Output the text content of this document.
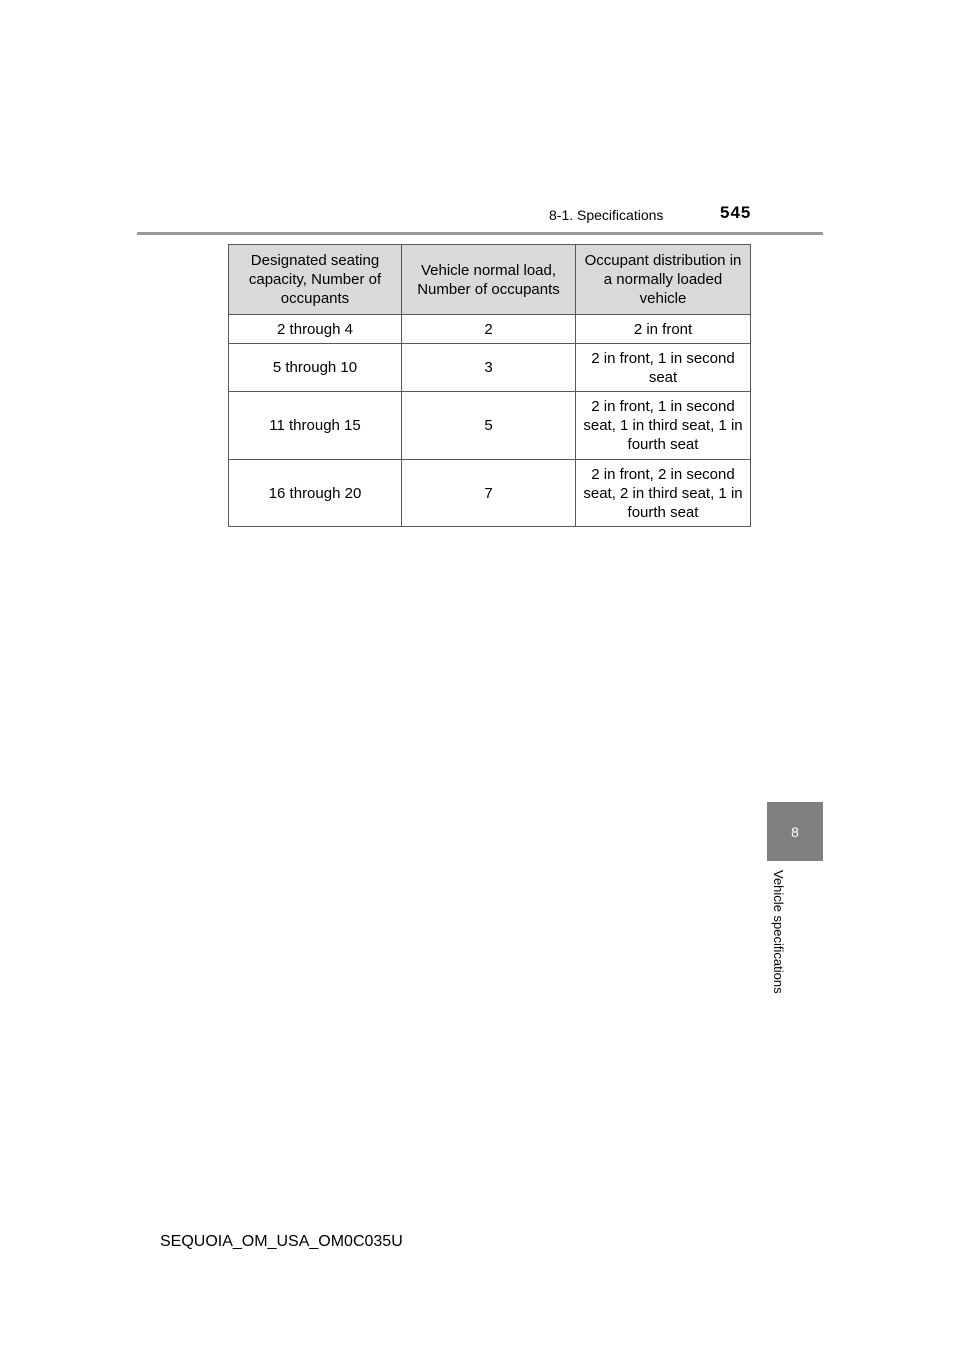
8-1. Specifications	545
Designated seating capacity, Number of occupants	Vehicle normal load, Number of occupants	Occupant distribution in a normally loaded vehicle
2 through 4	2	2 in front
5 through 10	3	2 in front, 1 in second seat
11 through 15	5	2 in front, 1 in second seat, 1 in third seat, 1 in fourth seat
16 through 20	7	2 in front, 2 in second seat, 2 in third seat, 1 in fourth seat
8
Vehicle specifications
SEQUOIA_OM_USA_OM0C035U
